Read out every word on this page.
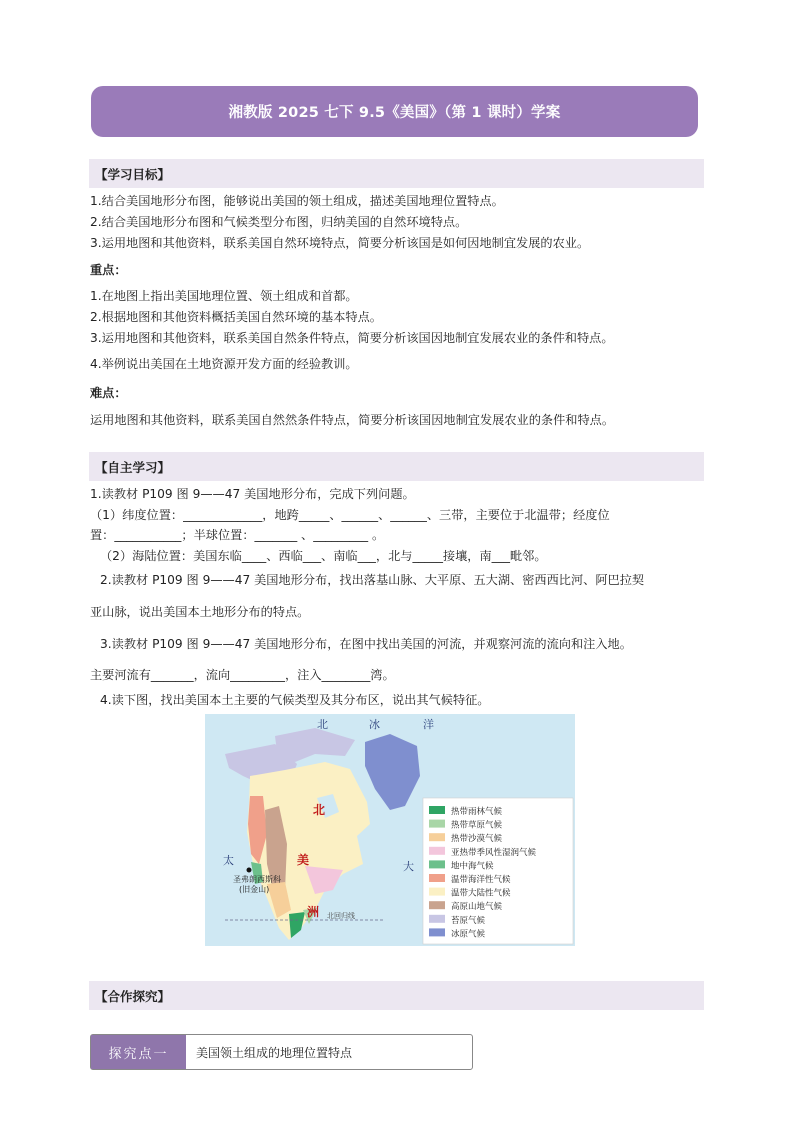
湘教版 2025 七下 9.5《美国》（第 1 课时）学案
【学习目标】
1.结合美国地形分布图，能够说出美国的领土组成，描述美国地理位置特点。
2.结合美国地形分布图和气候类型分布图，归纳美国的自然环境特点。
3.运用地图和其他资料，联系美国自然环境特点，简要分析该国是如何因地制宜发展的农业。
重点：
1.在地图上指出美国地理位置、领土组成和首都。
2.根据地图和其他资料概括美国自然环境的基本特点。
3.运用地图和其他资料，联系美国自然条件特点，简要分析该国因地制宜发展农业的条件和特点。
4.举例说出美国在土地资源开发方面的经验教训。
难点：
运用地图和其他资料，联系美国自然然条件特点，简要分析该国因地制宜发展农业的条件和特点。
【自主学习】
1.读教材 P109 图 9——47 美国地形分布，完成下列问题。
（1）纬度位置：_____________，地跨_____、______、______、三带，主要位于北温带；经度位
置：___________；半球位置：_______ 、_________ 。
（2）海陆位置：美国东临____、西临___、南临___，北与_____接壤，南___毗邻。
2.读教材 P109 图 9——47 美国地形分布，找出落基山脉、大平原、五大湖、密西西比河、阿巴拉契
亚山脉，说出美国本土地形分布的特点。
3.读教材 P109 图 9——47 美国地形分布，在图中找出美国的河流，并观察河流的流向和注入地。
主要河流有_______，流向_________，注入________湾。
4.读下图，找出美国本土主要的气候类型及其分布区，说出其气候特征。
北	冰	洋
北
美
洲
太	大
圣弗朗西斯科
(旧金山)
北回归线
热带雨林气候
热带草原气候
热带沙漠气候
亚热带季风性湿润气候
地中海气候
温带海洋性气候
温带大陆性气候
高原山地气候
苔原气候
冰原气候
【合作探究】
探究点一	美国领土组成的地理位置特点
